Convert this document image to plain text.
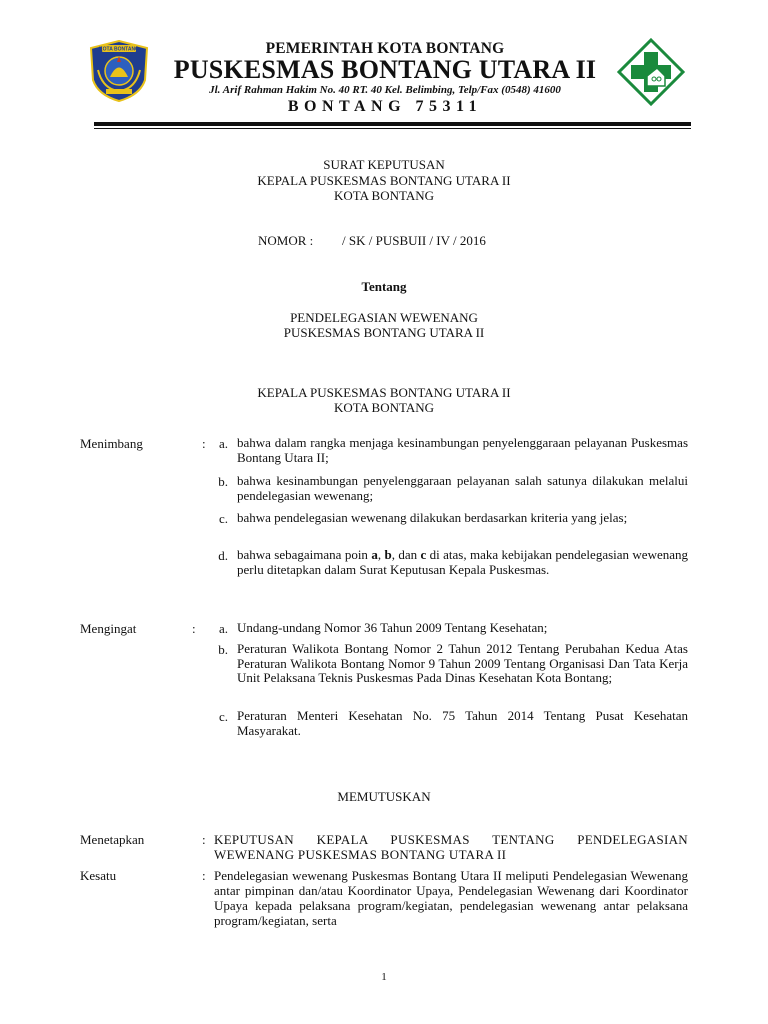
KOTA BONTANG	PEMERINTAH KOTA BONTANG
PUSKESMAS BONTANG UTARA II
Jl. Arif Rahman Hakim No. 40 RT. 40 Kel. Belimbing, Telp/Fax (0548) 41600
BONTANG 75311
SURAT KEPUTUSAN
KEPALA PUSKESMAS BONTANG UTARA II
KOTA BONTANG
NOMOR : / SK / PUSBUII / IV / 2016
Tentang
PENDELEGASIAN WEWENANG
PUSKESMAS BONTANG UTARA II
KEPALA PUSKESMAS BONTANG UTARA II
KOTA BONTANG
Menimbang	:	a. bahwa dalam rangka menjaga kesinambungan penyelenggaraan pelayanan Puskesmas Bontang Utara II;
b. bahwa kesinambungan penyelenggaraan pelayanan salah satunya dilakukan melalui pendelegasian wewenang;
c. bahwa pendelegasian wewenang dilakukan berdasarkan kriteria yang jelas;
d. bahwa sebagaimana poin a, b, dan c di atas, maka kebijakan pendelegasian wewenang perlu ditetapkan dalam Surat Keputusan Kepala Puskesmas.
Mengingat	:	a. Undang-undang Nomor 36 Tahun 2009 Tentang Kesehatan;
b. Peraturan Walikota Bontang Nomor 2 Tahun 2012 Tentang Perubahan Kedua Atas Peraturan Walikota Bontang Nomor 9 Tahun 2009 Tentang Organisasi Dan Tata Kerja Unit Pelaksana Teknis Puskesmas Pada Dinas Kesehatan Kota Bontang;
c. Peraturan Menteri Kesehatan No. 75 Tahun 2014 Tentang Pusat Kesehatan Masyarakat.
MEMUTUSKAN
Menetapkan	: KEPUTUSAN KEPALA PUSKESMAS TENTANG PENDELEGASIAN WEWENANG PUSKESMAS BONTANG UTARA II
Kesatu	: Pendelegasian wewenang Puskesmas Bontang Utara II meliputi Pendelegasian Wewenang antar pimpinan dan/atau Koordinator Upaya, Pendelegasian Wewenang dari Koordinator Upaya kepada pelaksana program/kegiatan, pendelegasian wewenang antar pelaksana program/kegiatan, serta
1
